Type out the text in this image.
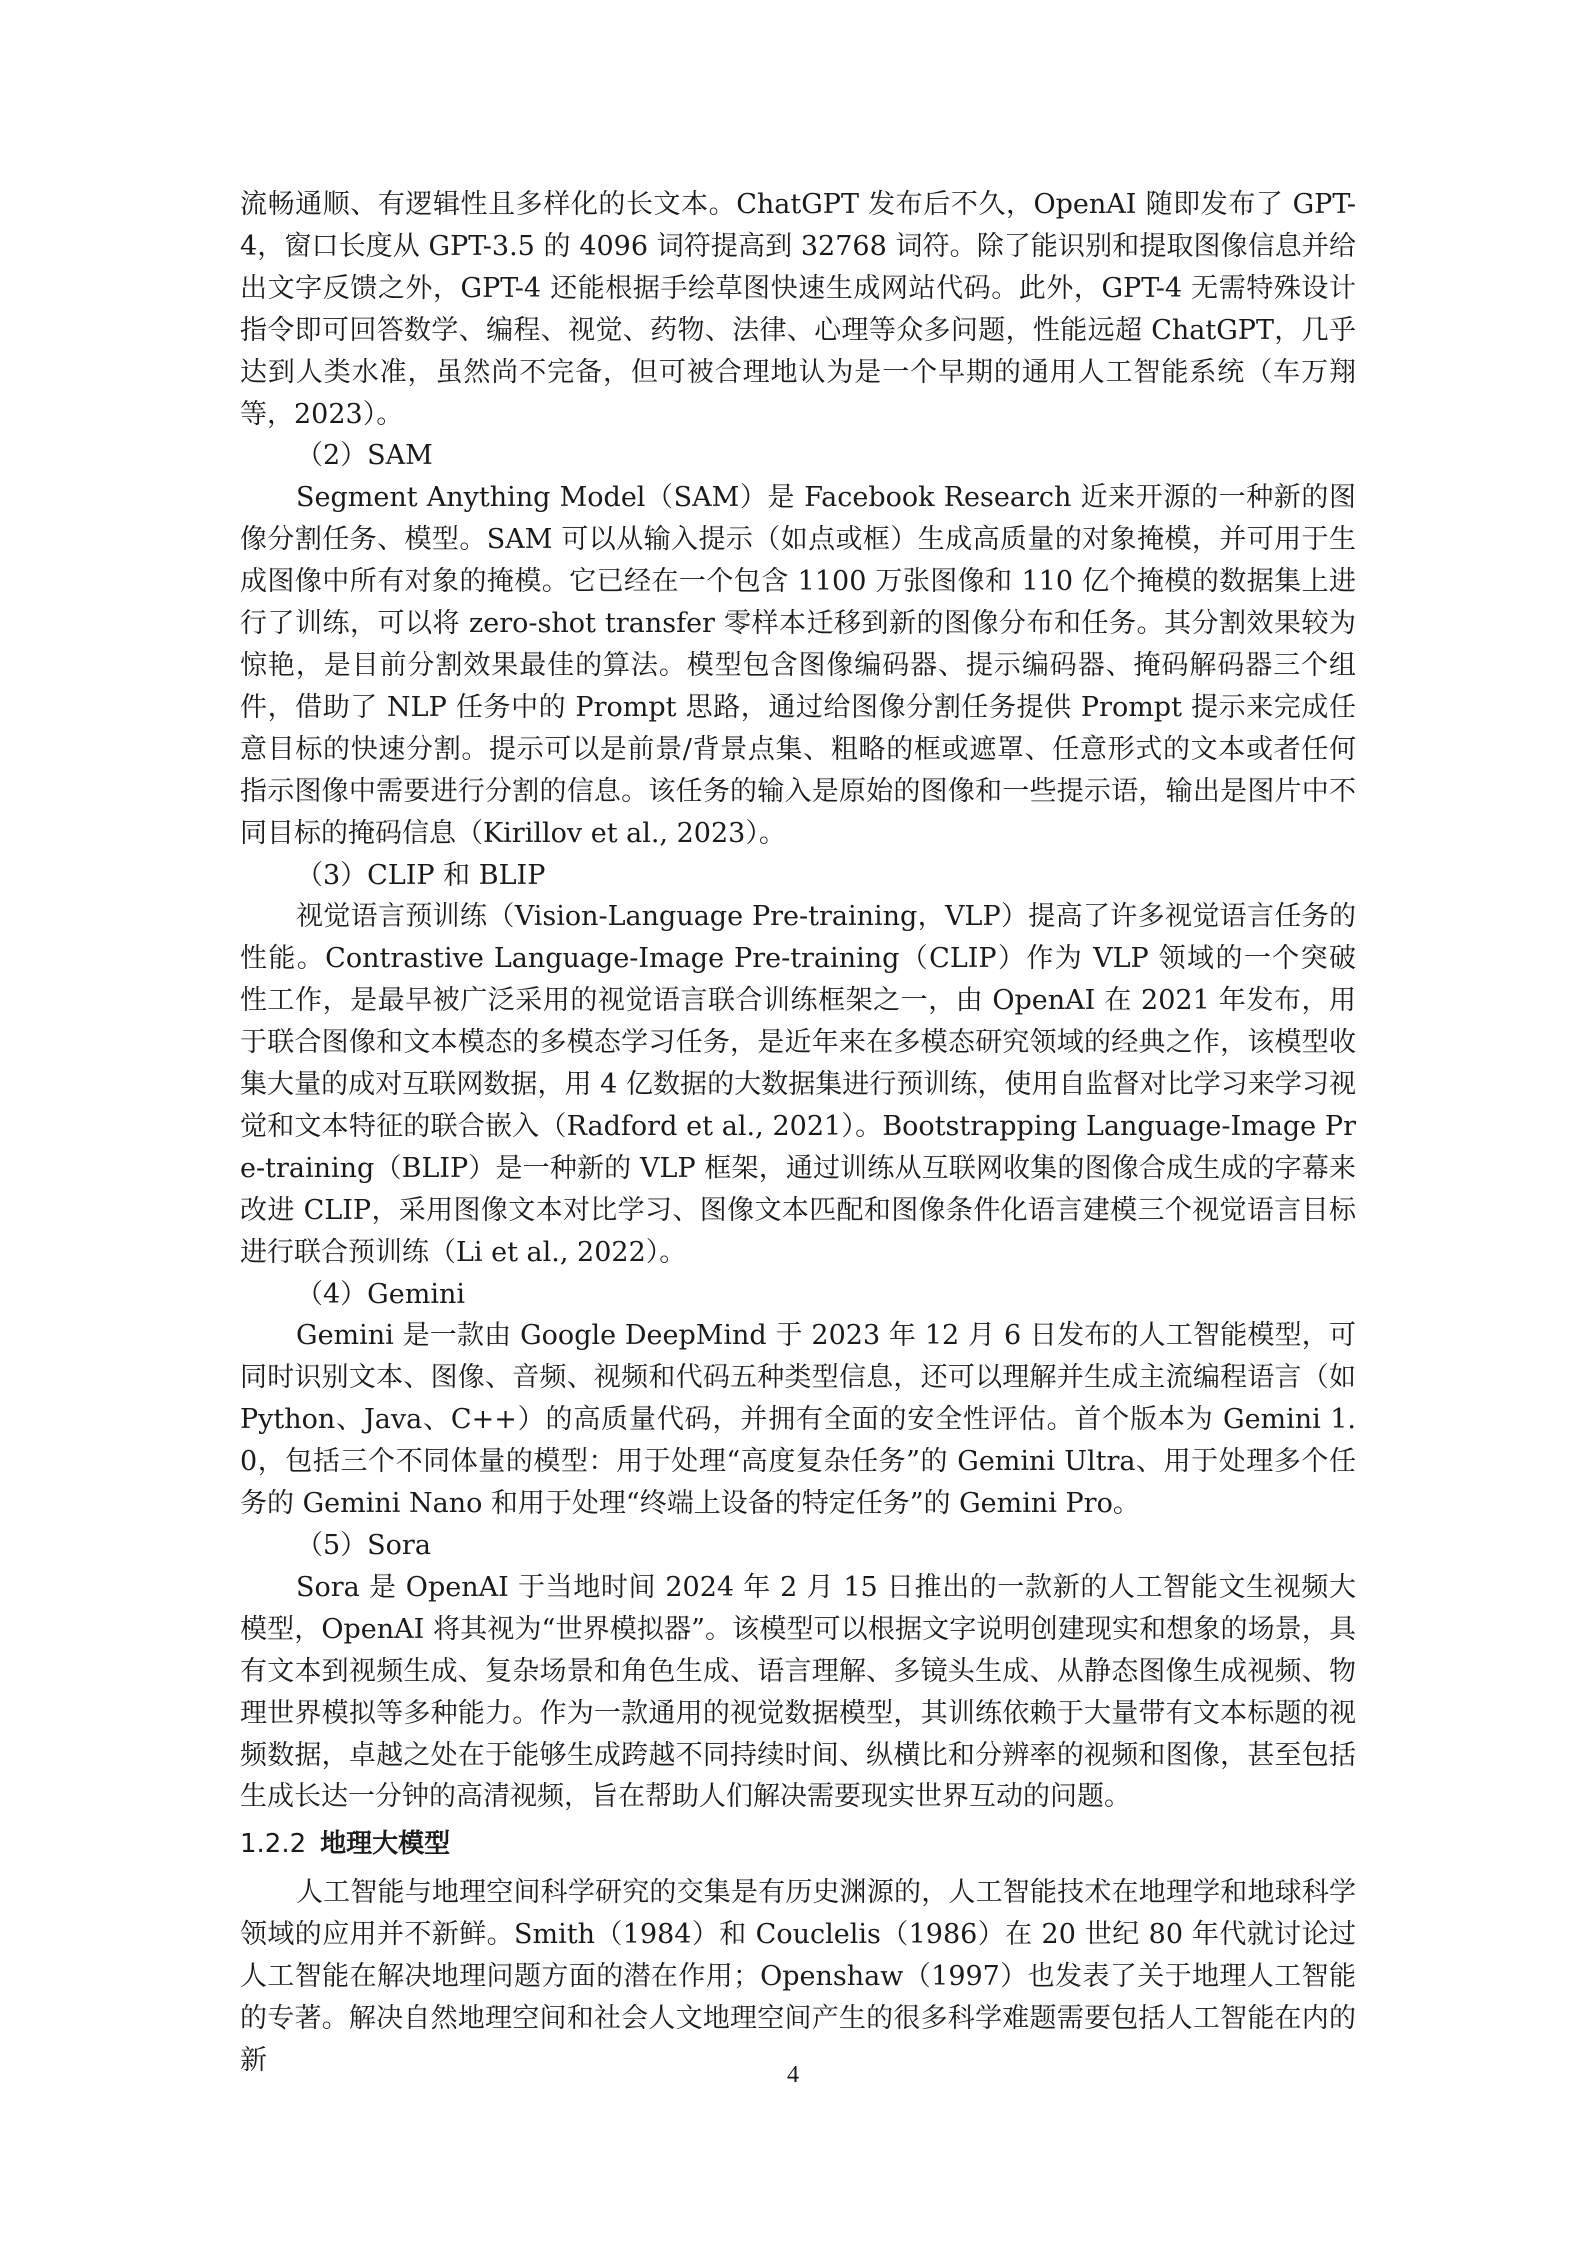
流畅通顺、有逻辑性且多样化的长文本。ChatGPT 发布后不久，OpenAI 随即发布了 GPT-4，窗口长度从 GPT-3.5 的 4096 词符提高到 32768 词符。除了能识别和提取图像信息并给出文字反馈之外，GPT-4 还能根据手绘草图快速生成网站代码。此外，GPT-4 无需特殊设计指令即可回答数学、编程、视觉、药物、法律、心理等众多问题，性能远超 ChatGPT，几乎达到人类水准，虽然尚不完备，但可被合理地认为是一个早期的通用人工智能系统（车万翔等，2023）。

（2）SAM

Segment Anything Model（SAM）是 Facebook Research 近来开源的一种新的图像分割任务、模型。SAM 可以从输入提示（如点或框）生成高质量的对象掩模，并可用于生成图像中所有对象的掩模。它已经在一个包含 1100 万张图像和 110 亿个掩模的数据集上进行了训练，可以将 zero-shot transfer 零样本迁移到新的图像分布和任务。其分割效果较为惊艳，是目前分割效果最佳的算法。模型包含图像编码器、提示编码器、掩码解码器三个组件，借助了 NLP 任务中的 Prompt 思路，通过给图像分割任务提供 Prompt 提示来完成任意目标的快速分割。提示可以是前景/背景点集、粗略的框或遮罩、任意形式的文本或者任何指示图像中需要进行分割的信息。该任务的输入是原始的图像和一些提示语，输出是图片中不同目标的掩码信息（Kirillov et al., 2023）。

（3）CLIP 和 BLIP

视觉语言预训练（Vision-Language Pre-training，VLP）提高了许多视觉语言任务的性能。Contrastive Language-Image Pre-training（CLIP）作为 VLP 领域的一个突破性工作，是最早被广泛采用的视觉语言联合训练框架之一，由 OpenAI 在 2021 年发布，用于联合图像和文本模态的多模态学习任务，是近年来在多模态研究领域的经典之作，该模型收集大量的成对互联网数据，用 4 亿数据的大数据集进行预训练，使用自监督对比学习来学习视觉和文本特征的联合嵌入（Radford et al., 2021）。Bootstrapping Language-Image Pre-training（BLIP）是一种新的 VLP 框架，通过训练从互联网收集的图像合成生成的字幕来改进 CLIP，采用图像文本对比学习、图像文本匹配和图像条件化语言建模三个视觉语言目标进行联合预训练（Li et al., 2022）。

（4）Gemini

Gemini 是一款由 Google DeepMind 于 2023 年 12 月 6 日发布的人工智能模型，可同时识别文本、图像、音频、视频和代码五种类型信息，还可以理解并生成主流编程语言（如 Python、Java、C++）的高质量代码，并拥有全面的安全性评估。首个版本为 Gemini 1.0，包括三个不同体量的模型：用于处理“高度复杂任务”的 Gemini Ultra、用于处理多个任务的 Gemini Nano 和用于处理“终端上设备的特定任务”的 Gemini Pro。

（5）Sora

Sora 是 OpenAI 于当地时间 2024 年 2 月 15 日推出的一款新的人工智能文生视频大模型，OpenAI 将其视为“世界模拟器”。该模型可以根据文字说明创建现实和想象的场景，具有文本到视频生成、复杂场景和角色生成、语言理解、多镜头生成、从静态图像生成视频、物理世界模拟等多种能力。作为一款通用的视觉数据模型，其训练依赖于大量带有文本标题的视频数据，卓越之处在于能够生成跨越不同持续时间、纵横比和分辨率的视频和图像，甚至包括生成长达一分钟的高清视频，旨在帮助人们解决需要现实世界互动的问题。

1.2.2 地理大模型

人工智能与地理空间科学研究的交集是有历史渊源的，人工智能技术在地理学和地球科学领域的应用并不新鲜。Smith（1984）和 Couclelis（1986）在 20 世纪 80 年代就讨论过人工智能在解决地理问题方面的潜在作用；Openshaw（1997）也发表了关于地理人工智能的专著。解决自然地理空间和社会人文地理空间产生的很多科学难题需要包括人工智能在内的新	4
